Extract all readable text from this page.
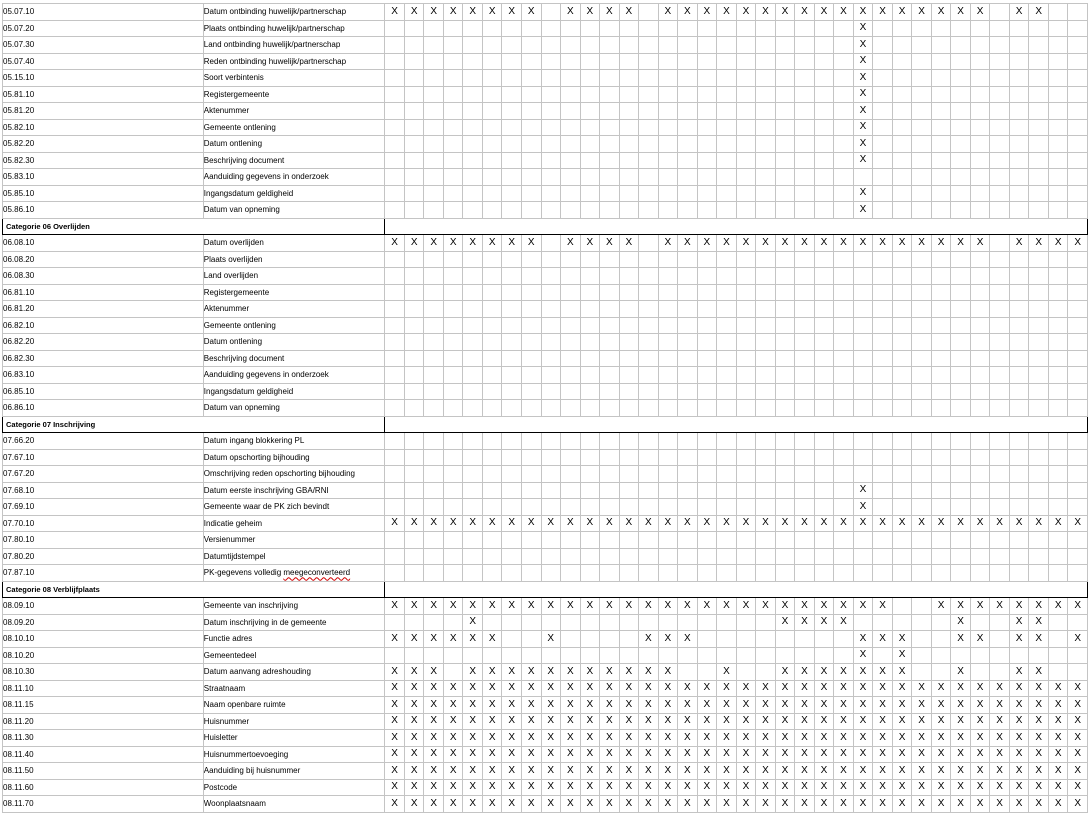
05.07.10	Datum ontbinding huwelijk/partnerschap	X	X	X	X	X	X	X	X		X	X	X	X		X	X	X	X	X	X	X	X	X	X	X	X	X	X	X	X	X		X	X		
05.07.20	Plaats ontbinding huwelijk/partnerschap																									X											
05.07.30	Land ontbinding huwelijk/partnerschap																									X											
05.07.40	Reden ontbinding huwelijk/partnerschap																									X											
05.15.10	Soort verbintenis																									X											
05.81.10	Registergemeente																									X											
05.81.20	Aktenummer																									X											
05.82.10	Gemeente ontlening																									X											
05.82.20	Datum ontlening																									X											
05.82.30	Beschrijving document																									X											
05.83.10	Aanduiding gegevens in onderzoek																																				
05.85.10	Ingangsdatum geldigheid																									X											
05.86.10	Datum van opneming																									X											
Categorie 06 Overlijden																																					
06.08.10	Datum overlijden	X	X	X	X	X	X	X	X		X	X	X	X		X	X	X	X	X	X	X	X	X	X	X	X	X	X	X	X	X		X	X	X	X
06.08.20	Plaats overlijden																																				
06.08.30	Land overlijden																																				
06.81.10	Registergemeente																																				
06.81.20	Aktenummer																																				
06.82.10	Gemeente ontlening																																				
06.82.20	Datum ontlening																																				
06.82.30	Beschrijving document																																				
06.83.10	Aanduiding gegevens in onderzoek																																				
06.85.10	Ingangsdatum geldigheid																																				
06.86.10	Datum van opneming																																				
Categorie 07 Inschrijving																																					
07.66.20	Datum ingang blokkering PL																																				
07.67.10	Datum opschorting bijhouding																																				
07.67.20	Omschrijving reden opschorting bijhouding																																				
07.68.10	Datum eerste inschrijving GBA/RNI																									X											
07.69.10	Gemeente waar de PK zich bevindt																									X											
07.70.10	Indicatie geheim	X	X	X	X	X	X	X	X	X	X	X	X	X	X	X	X	X	X	X	X	X	X	X	X	X	X	X	X	X	X	X	X	X	X	X	X
07.80.10	Versienummer																																				
07.80.20	Datumtijdstempel																																				
07.87.10	PK-gegevens volledig meegeconverteerd																																				
Categorie 08 Verblijfplaats																																					
08.09.10	Gemeente van inschrijving	X	X	X	X	X	X	X	X	X	X	X	X	X	X	X	X	X	X	X	X	X	X	X	X	X	X			X	X	X	X	X	X	X	X
08.09.20	Datum inschrijving in de gemeente					X																X	X	X	X						X			X	X		
08.10.10	Functie adres	X	X	X	X	X	X			X					X	X	X									X	X	X			X	X		X	X		X
08.10.20	Gemeentedeel																									X		X									
08.10.30	Datum aanvang adreshouding	X	X	X		X	X	X	X	X	X	X	X	X	X	X			X			X	X	X	X	X	X	X			X			X	X		
08.11.10	Straatnaam	X	X	X	X	X	X	X	X	X	X	X	X	X	X	X	X	X	X	X	X	X	X	X	X	X	X	X	X	X	X	X	X	X	X	X	X
08.11.15	Naam openbare ruimte	X	X	X	X	X	X	X	X	X	X	X	X	X	X	X	X	X	X	X	X	X	X	X	X	X	X	X	X	X	X	X	X	X	X	X	X
08.11.20	Huisnummer	X	X	X	X	X	X	X	X	X	X	X	X	X	X	X	X	X	X	X	X	X	X	X	X	X	X	X	X	X	X	X	X	X	X	X	X
08.11.30	Huisletter	X	X	X	X	X	X	X	X	X	X	X	X	X	X	X	X	X	X	X	X	X	X	X	X	X	X	X	X	X	X	X	X	X	X	X	X
08.11.40	Huisnummertoevoeging	X	X	X	X	X	X	X	X	X	X	X	X	X	X	X	X	X	X	X	X	X	X	X	X	X	X	X	X	X	X	X	X	X	X	X	X
08.11.50	Aanduiding bij huisnummer	X	X	X	X	X	X	X	X	X	X	X	X	X	X	X	X	X	X	X	X	X	X	X	X	X	X	X	X	X	X	X	X	X	X	X	X
08.11.60	Postcode	X	X	X	X	X	X	X	X	X	X	X	X	X	X	X	X	X	X	X	X	X	X	X	X	X	X	X	X	X	X	X	X	X	X	X	X
08.11.70	Woonplaatsnaam	X	X	X	X	X	X	X	X	X	X	X	X	X	X	X	X	X	X	X	X	X	X	X	X	X	X	X	X	X	X	X	X	X	X	X	X
